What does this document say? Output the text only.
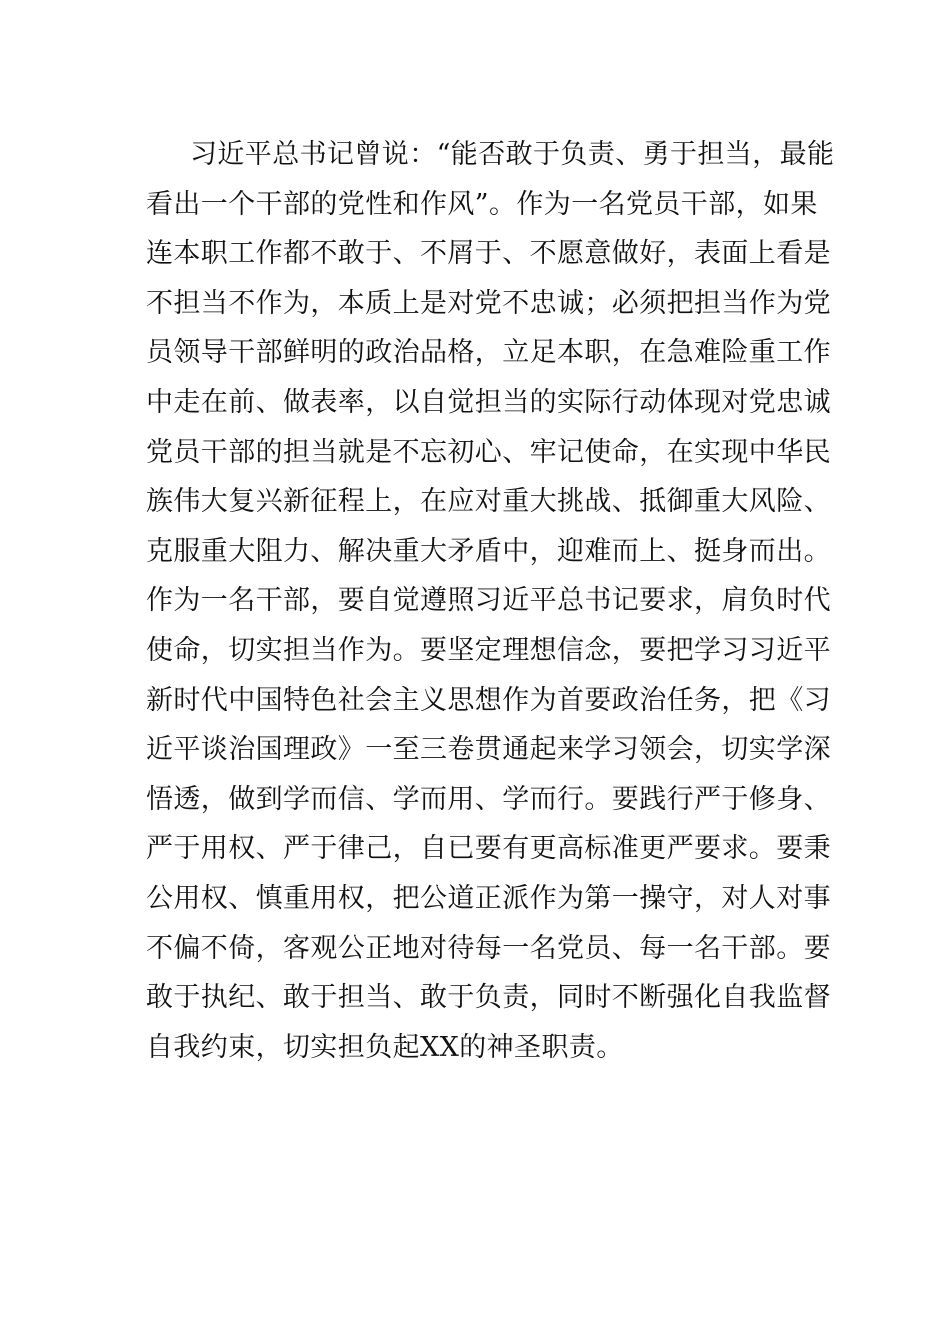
习近平总书记曾说：“能否敢于负责、勇于担当，最能
看出一个干部的党性和作风”。作为一名党员干部，如果
连本职工作都不敢于、不屑于、不愿意做好，表面上看是
不担当不作为，本质上是对党不忠诚；必须把担当作为党
员领导干部鲜明的政治品格，立足本职，在急难险重工作
中走在前、做表率，以自觉担当的实际行动体现对党忠诚
党员干部的担当就是不忘初心、牢记使命，在实现中华民
族伟大复兴新征程上，在应对重大挑战、抵御重大风险、
克服重大阻力、解决重大矛盾中，迎难而上、挺身而出。
作为一名干部，要自觉遵照习近平总书记要求，肩负时代
使命，切实担当作为。要坚定理想信念，要把学习习近平
新时代中国特色社会主义思想作为首要政治任务，把《习
近平谈治国理政》一至三卷贯通起来学习领会，切实学深
悟透，做到学而信、学而用、学而行。要践行严于修身、
严于用权、严于律己，自已要有更高标准更严要求。要秉
公用权、慎重用权，把公道正派作为第一操守，对人对事
不偏不倚，客观公正地对待每一名党员、每一名干部。要
敢于执纪、敢于担当、敢于负责，同时不断强化自我监督
自我约束，切实担负起XX的神圣职责。
